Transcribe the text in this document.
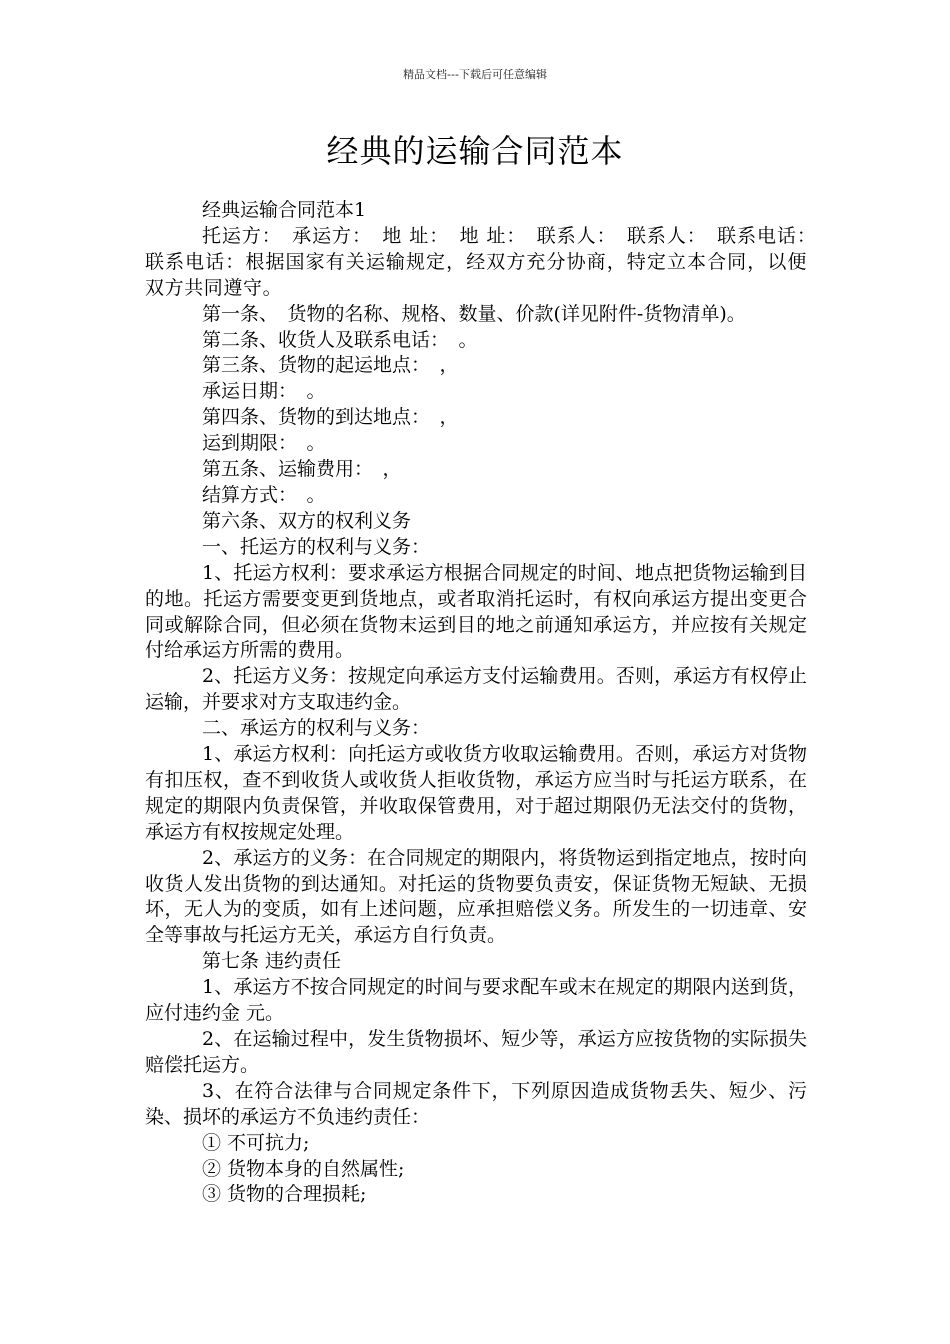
精品文档---下载后可任意编辑
经典的运输合同范本

经典运输合同范本1

托运方：　承运方：　地 址：　地 址：　联系人：　联系人：　联系电话：　联系电话：根据国家有关运输规定，经双方充分协商，特定立本合同，以便双方共同遵守。

第一条、　货物的名称、规格、数量、价款(详见附件-货物清单)。

第二条、收货人及联系电话：　。

第三条、货物的起运地点：　，

承运日期：　。

第四条、货物的到达地点：　，

运到期限：　。

第五条、运输费用：　，

结算方式：　。

第六条、双方的权利义务

一、托运方的权利与义务：

1、托运方权利：要求承运方根据合同规定的时间、地点把货物运输到目的地。托运方需要变更到货地点，或者取消托运时，有权向承运方提出变更合同或解除合同，但必须在货物末运到目的地之前通知承运方，并应按有关规定付给承运方所需的费用。

2、托运方义务：按规定向承运方支付运输费用。否则，承运方有权停止运输，并要求对方支取违约金。

二、承运方的权利与义务：

1、承运方权利：向托运方或收货方收取运输费用。否则，承运方对货物有扣压权，查不到收货人或收货人拒收货物，承运方应当时与托运方联系，在规定的期限内负责保管，并收取保管费用，对于超过期限仍无法交付的货物，承运方有权按规定处理。

2、承运方的义务：在合同规定的期限内，将货物运到指定地点，按时向收货人发出货物的到达通知。对托运的货物要负责安，保证货物无短缺、无损坏，无人为的变质，如有上述问题，应承担赔偿义务。所发生的一切违章、安全等事故与托运方无关，承运方自行负责。

第七条 违约责任

1、承运方不按合同规定的时间与要求配车或末在规定的期限内送到货，应付违约金 元。

2、在运输过程中，发生货物损坏、短少等，承运方应按货物的实际损失赔偿托运方。

3、在符合法律与合同规定条件下，下列原因造成货物丢失、短少、污染、损坏的承运方不负违约责任：

① 不可抗力;

② 货物本身的自然属性;

③ 货物的合理损耗;
